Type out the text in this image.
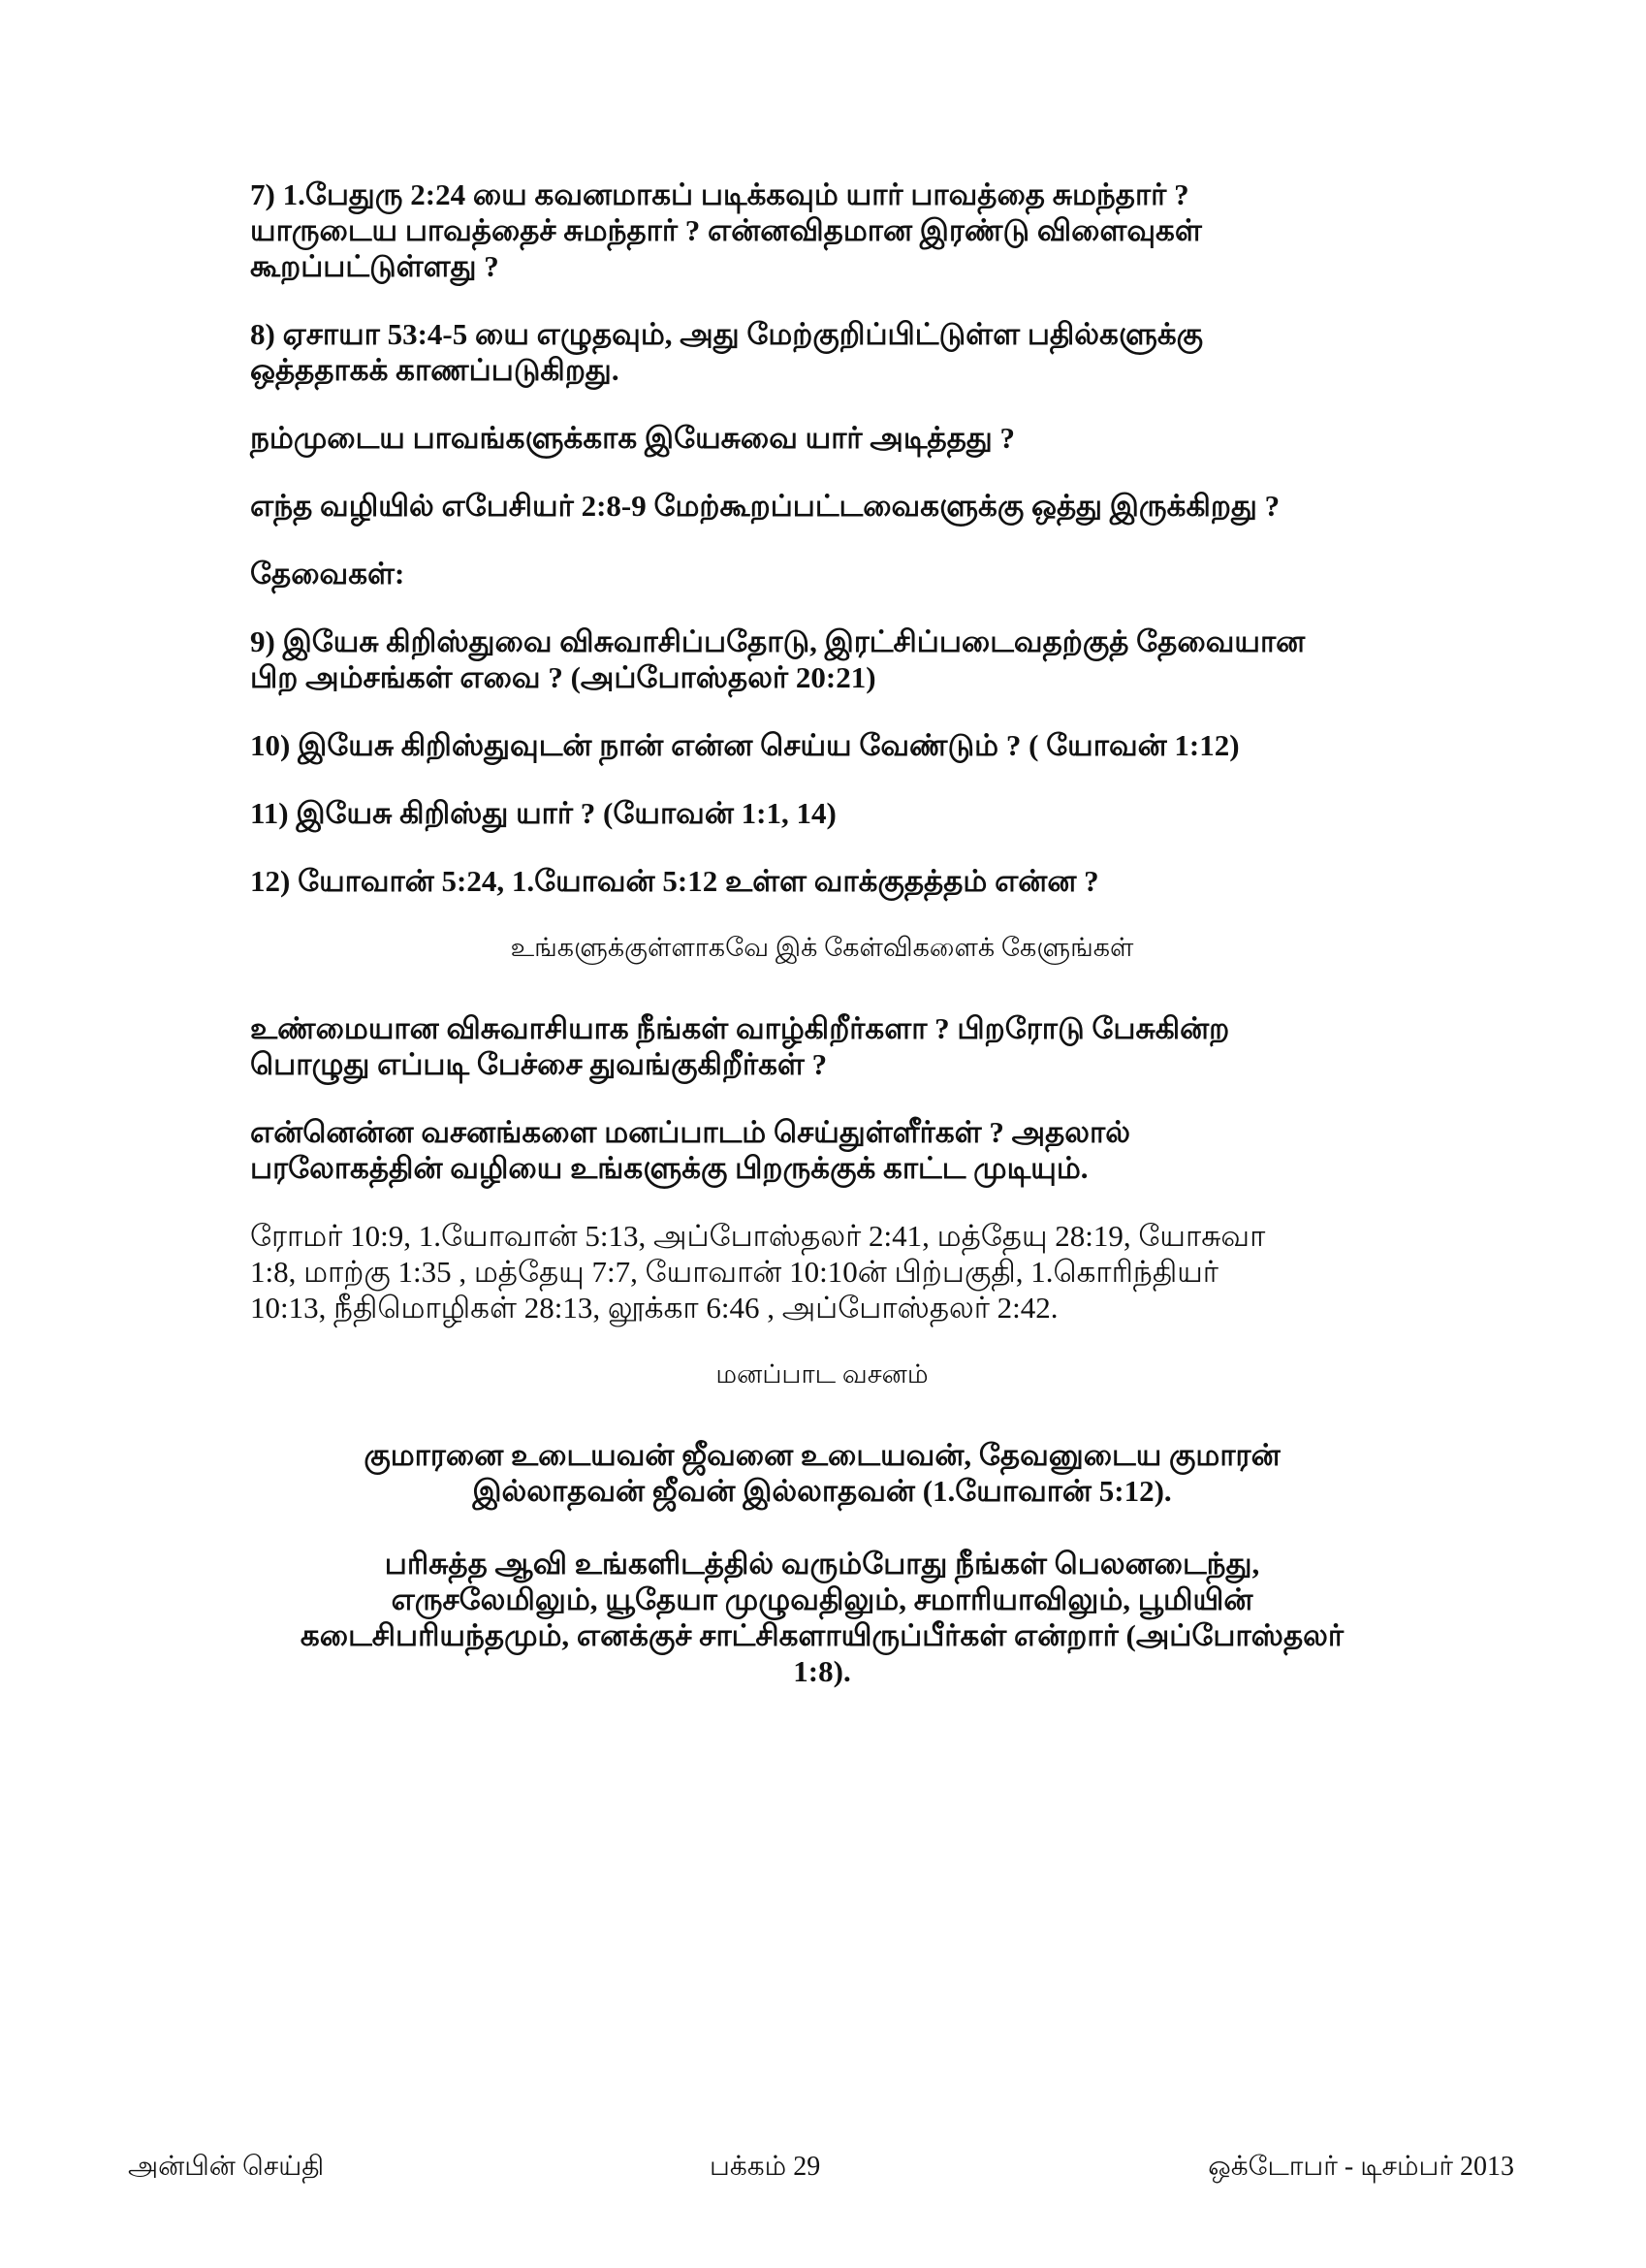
7) 1.பேதுரு 2:24 யை கவனமாகப் படிக்கவும் யார் பாவத்தை சுமந்தார் ?
யாருடைய பாவத்தைச் சுமந்தார் ? என்னவிதமான இரண்டு விளைவுகள்
கூறப்பட்டுள்ளது ?

8) ஏசாயா 53:4-5 யை எழுதவும், அது மேற்குறிப்பிட்டுள்ள பதில்களுக்கு
ஒத்ததாகக் காணப்படுகிறது.

நம்முடைய பாவங்களுக்காக இயேசுவை யார் அடித்தது ?

எந்த வழியில் எபேசியர் 2:8-9 மேற்கூறப்பட்டவைகளுக்கு ஒத்து இருக்கிறது ?

தேவைகள்:

9) இயேசு கிறிஸ்துவை விசுவாசிப்பதோடு, இரட்சிப்படைவதற்குத் தேவையான
பிற அம்சங்கள் எவை ? (அப்போஸ்தலர் 20:21)

10) இயேசு கிறிஸ்துவுடன் நான் என்ன செய்ய வேண்டும் ? ( யோவன் 1:12)

11) இயேசு கிறிஸ்து யார் ? (யோவன் 1:1, 14)

12) யோவான் 5:24, 1.யோவன் 5:12 உள்ள வாக்குதத்தம் என்ன ?

உங்களுக்குள்ளாகவே இக் கேள்விகளைக் கேளுங்கள்

உண்மையான விசுவாசியாக நீங்கள் வாழ்கிறீர்களா ? பிறரோடு பேசுகின்ற
பொழுது எப்படி பேச்சை துவங்குகிறீர்கள் ?

என்னென்ன வசனங்களை மனப்பாடம் செய்துள்ளீர்கள் ? அதலால்
பரலோகத்தின் வழியை உங்களுக்கு பிறருக்குக் காட்ட முடியும்.

ரோமர் 10:9, 1.யோவான் 5:13, அப்போஸ்தலர் 2:41, மத்தேயு 28:19, யோசுவா
1:8, மாற்கு 1:35 , மத்தேயு 7:7, யோவான் 10:10ன் பிற்பகுதி, 1.கொரிந்தியர்
10:13, நீதிமொழிகள் 28:13, லூக்கா 6:46 , அப்போஸ்தலர் 2:42.

மனப்பாட வசனம்

குமாரனை உடையவன் ஜீவனை உடையவன், தேவனுடைய குமாரன்
இல்லாதவன் ஜீவன் இல்லாதவன் (1.யோவான் 5:12).

பரிசுத்த ஆவி உங்களிடத்தில் வரும்போது நீங்கள் பெலனடைந்து,
எருசலேமிலும், யூதேயா முழுவதிலும், சமாரியாவிலும், பூமியின்
கடைசிபரியந்தமும், எனக்குச் சாட்சிகளாயிருப்பீர்கள் என்றார் (அப்போஸ்தலர்
1:8).

அன்பின் செய்தி	பக்கம் 29	ஒக்டோபர் - டிசம்பர் 2013
